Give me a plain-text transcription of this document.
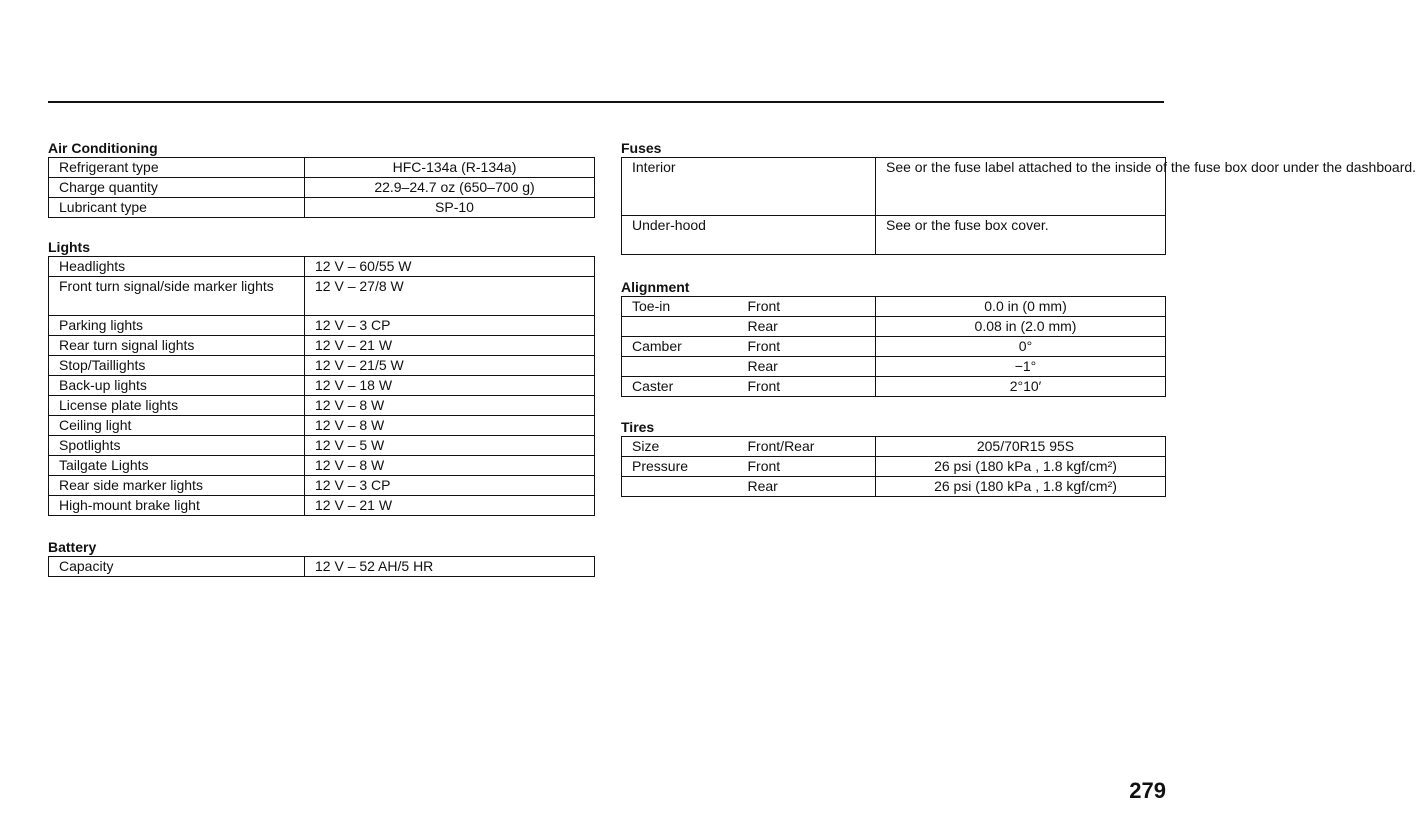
Air Conditioning
Refrigerant type	HFC-134a (R-134a)
Charge quantity	22.9–24.7 oz (650–700 g)
Lubricant type	SP-10
Lights
Headlights	12 V – 60/55 W
Front turn signal/side marker lights	12 V – 27/8 W
Parking lights	12 V – 3 CP
Rear turn signal lights	12 V – 21 W
Stop/Taillights	12 V – 21/5 W
Back-up lights	12 V – 18 W
License plate lights	12 V – 8 W
Ceiling light	12 V – 8 W
Spotlights	12 V – 5 W
Tailgate Lights	12 V – 8 W
Rear side marker lights	12 V – 3 CP
High-mount brake light	12 V – 21 W
Battery
Capacity	12 V – 52 AH/5 HR
Fuses
Interior	See or the fuse label attached to the inside of the fuse box door under the dashboard.
Under-hood	See or the fuse box cover.
Alignment
Toe-in	Front	0.0 in (0 mm)
	Rear	0.08 in (2.0 mm)
Camber	Front	0°
	Rear	−1°
Caster	Front	2°10′
Tires
Size	Front/Rear	205/70R15 95S
Pressure	Front	26 psi (180 kPa , 1.8 kgf/cm²)
	Rear	26 psi (180 kPa , 1.8 kgf/cm²)
279
